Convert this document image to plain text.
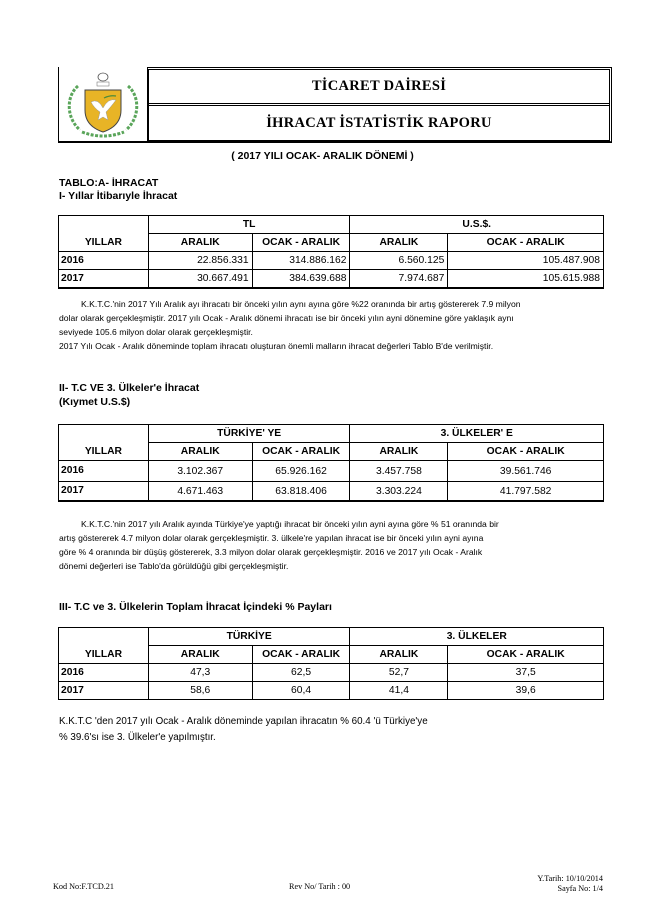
TİCARET DAİRESİ
İHRACAT İSTATİSTİK RAPORU
( 2017 YILI OCAK- ARALIK DÖNEMİ )
TABLO:A- İHRACAT
I- Yıllar İtibarıyle İhracat
YILLAR	TL		U.S.$.	
	ARALIK	OCAK - ARALIK	ARALIK	OCAK - ARALIK
2016	22.856.331	314.886.162	6.560.125	105.487.908
2017	30.667.491	384.639.688	7.974.687	105.615.988
K.K.T.C.'nin 2017 Yılı Aralık ayı ihracatı bir önceki yılın aynı ayına göre %22 oranında bir artış göstererek 7.9 milyon
dolar olarak gerçekleşmiştir. 2017 yılı Ocak - Aralık dönemi ihracatı ise bir önceki yılın ayni dönemine göre yaklaşık aynı
seviyede 105.6 milyon dolar olarak gerçekleşmiştir.
2017 Yılı Ocak - Aralık döneminde toplam ihracatı oluşturan önemli malların ihracat değerleri Tablo B'de verilmiştir.
II- T.C VE 3. Ülkeler'e İhracat
(Kıymet U.S.$)
YILLAR	TÜRKİYE' YE		3. ÜLKELER' E	
	ARALIK	OCAK - ARALIK	ARALIK	OCAK - ARALIK
2016	3.102.367	65.926.162	3.457.758	39.561.746
2017	4.671.463	63.818.406	3.303.224	41.797.582
K.K.T.C.'nin 2017 yılı Aralık ayında Türkiye'ye yaptığı ihracat bir önceki yılın ayni ayına göre % 51 oranında bir
artış göstererek 4.7 milyon dolar olarak gerçekleşmiştir. 3. ülkele're yapılan ihracat ise bir önceki yılın ayni ayına
göre % 4 oranında bir düşüş göstererek, 3.3 milyon dolar olarak gerçekleşmiştir. 2016 ve 2017 yılı Ocak - Aralık
dönemi değerleri ise Tablo'da görüldüğü gibi gerçekleşmiştir.
III- T.C ve 3. Ülkelerin Toplam İhracat İçindeki % Payları
YILLAR	TÜRKİYE		3. ÜLKELER	
	ARALIK	OCAK - ARALIK	ARALIK	OCAK - ARALIK
2016	47,3	62,5	52,7	37,5
2017	58,6	60,4	41,4	39,6
K.K.T.C 'den 2017 yılı Ocak - Aralık döneminde yapılan ihracatın % 60.4 'ü Türkiye'ye
% 39.6'sı ise 3. Ülkeler'e yapılmıştır.
Kod No:F.TCD.21	Rev No/ Tarih : 00
Y.Tarih: 10/10/2014
Sayfa No: 1/4
